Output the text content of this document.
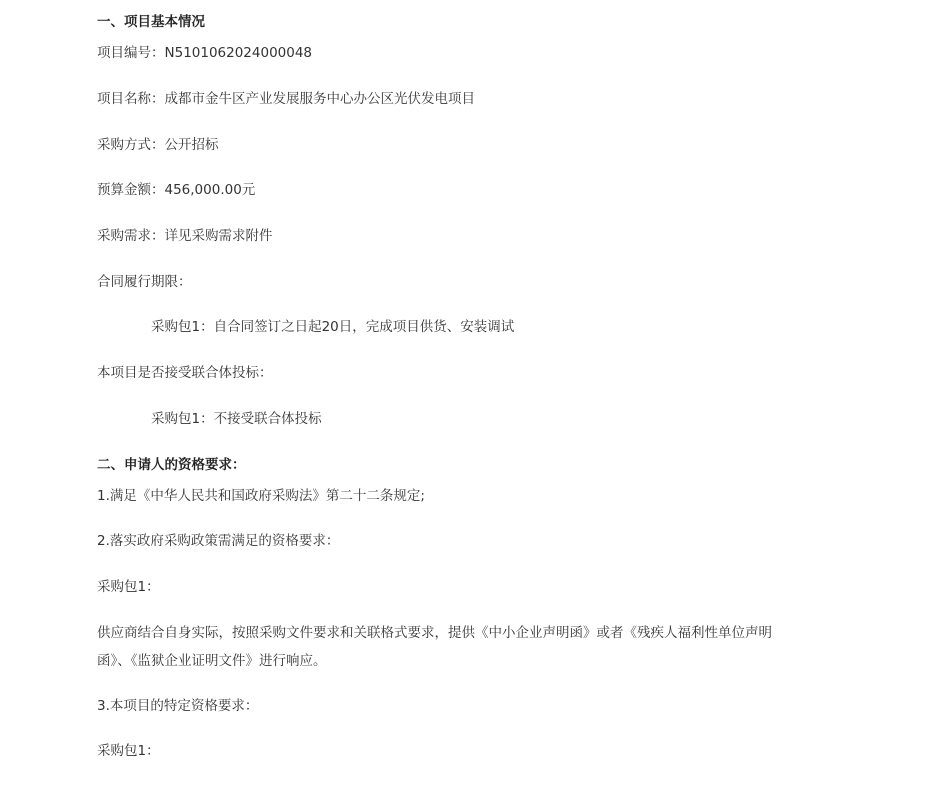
一、项目基本情况
项目编号：N5101062024000048
项目名称：成都市金牛区产业发展服务中心办公区光伏发电项目
采购方式：公开招标
预算金额：456,000.00元
采购需求：详见采购需求附件
合同履行期限：
采购包1：自合同签订之日起20日，完成项目供货、安装调试
本项目是否接受联合体投标：
采购包1：不接受联合体投标
二、申请人的资格要求：
1.满足《中华人民共和国政府采购法》第二十二条规定;
2.落实政府采购政策需满足的资格要求：
采购包1：
供应商结合自身实际，按照采购文件要求和关联格式要求，提供《中小企业声明函》或者《残疾人福利性单位声明函》、《监狱企业证明文件》进行响应。
3.本项目的特定资格要求：
采购包1：
